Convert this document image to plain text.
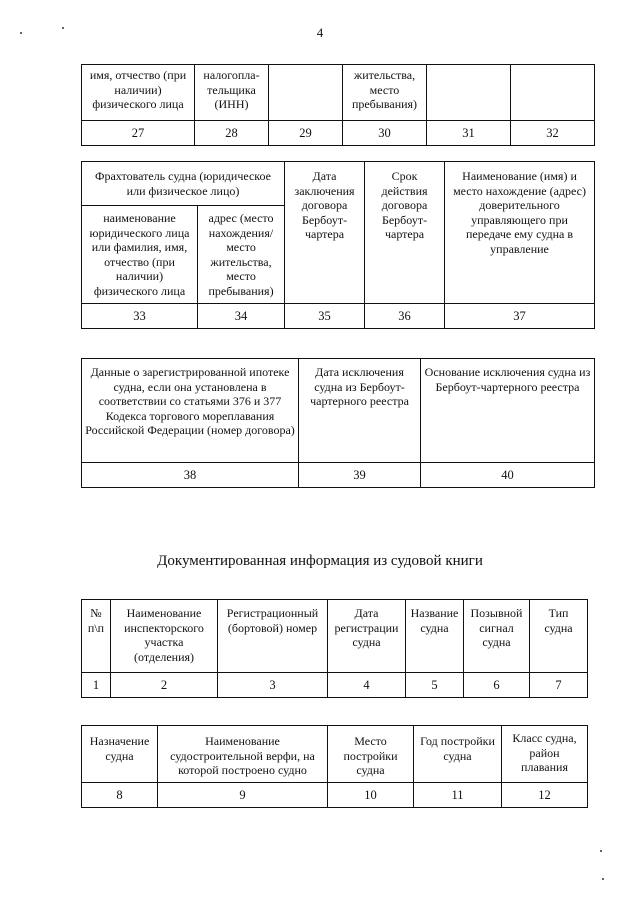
4
имя, отчество (при наличии) физического лица	налогопла-тельщика (ИНН)		жительства, место пребывания)		
27	28	29	30	31	32
Фрахтователь судна (юридическое или физическое лицо)		Дата заключения договора Бербоут-чартера	Срок действия договора Бербоут-чартера	Наименование (имя) и место нахождение (адрес) доверительного управляющего при передаче ему судна в управление
наименование юридического лица или фамилия, имя, отчество (при наличии) физического лица	адрес (место нахождения/ место жительства, место пребывания)			
33	34	35	36	37
Данные о зарегистрированной ипотеке судна, если она установлена в соответствии со статьями 376 и 377 Кодекса торгового мореплавания Российской Федерации (номер договора)	Дата исключения судна из Бербоут-чартерного реестра	Основание исключения судна из Бербоут-чартерного реестра
38	39	40
Документированная информация из судовой книги
№ п\п	Наименование инспекторского участка (отделения)	Регистрационный (бортовой) номер	Дата регистрации судна	Название судна	Позывной сигнал судна	Тип судна
1	2	3	4	5	6	7
Назначение судна	Наименование судостроительной верфи, на которой построено судно	Место постройки судна	Год постройки судна	Класс судна, район плавания
8	9	10	11	12
